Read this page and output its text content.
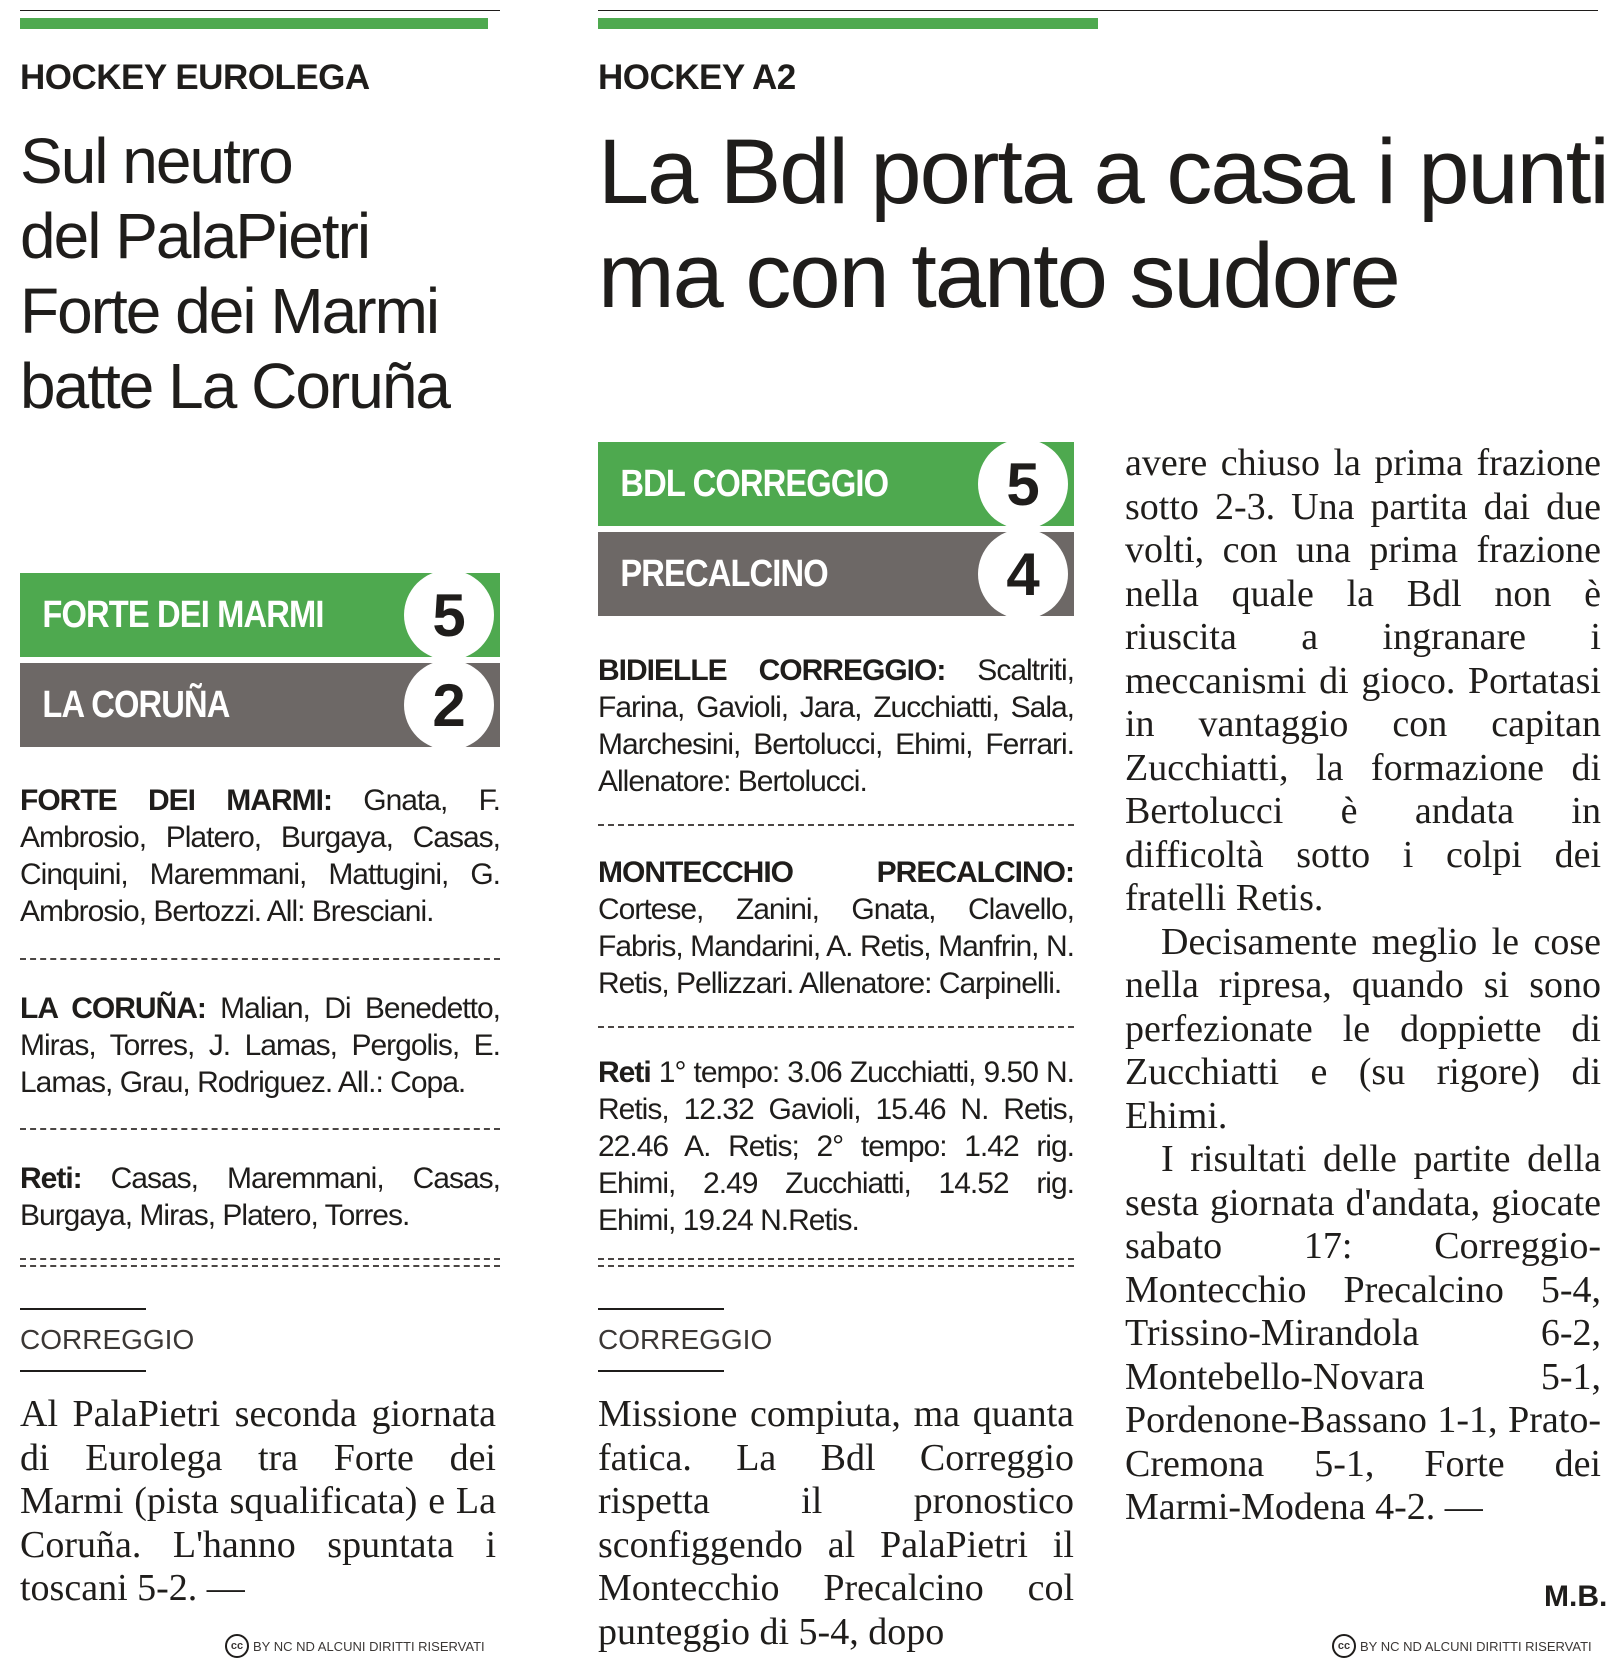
HOCKEY EUROLEGA
Sul neutro
del PalaPietri
Forte dei Marmi
batte La Coruña
FORTE DEI MARMI	5
LA CORUÑA	2
FORTE DEI MARMI: Gnata, F. Ambrosio, Platero, Burgaya, Casas, Cinquini, Maremmani, Mattugini, G. Ambrosio, Bertozzi. All: Bresciani.
LA CORUÑA: Malian, Di Benedetto, Miras, Torres, J. Lamas, Pergolis, E. Lamas, Grau, Rodriguez. All.: Copa.
Reti: Casas, Maremmani, Casas, Burgaya, Miras, Platero, Torres.
CORREGGIO

Al PalaPietri seconda giornata di Eurolega tra Forte dei Marmi (pista squalificata) e La Coruña. L'hanno spuntata i toscani 5-2. —

cc BY NC ND ALCUNI DIRITTI RISERVATI
HOCKEY A2
La Bdl porta a casa i punti
ma con tanto sudore
BDL CORREGGIO	5
PRECALCINO	4
BIDIELLE CORREGGIO: Scaltriti, Farina, Gavioli, Jara, Zucchiatti, Sala, Marchesini, Bertolucci, Ehimi, Ferrari. Allenatore: Bertolucci.
MONTECCHIO PRECALCINO: Cortese, Zanini, Gnata, Clavello, Fabris, Mandarini, A. Retis, Manfrin, N. Retis, Pellizzari. Allenatore: Carpinelli.
Reti 1° tempo: 3.06 Zucchiatti, 9.50 N. Retis, 12.32 Gavioli, 15.46 N. Retis, 22.46 A. Retis; 2° tempo: 1.42 rig. Ehimi, 2.49 Zucchiatti, 14.52 rig. Ehimi, 19.24 N.Retis.
CORREGGIO

Missione compiuta, ma quanta fatica. La Bdl Correggio rispetta il pronostico sconfiggendo al PalaPietri il Montecchio Precalcino col punteggio di 5-4, dopo

avere chiuso la prima frazione sotto 2-3. Una partita dai due volti, con una prima frazione nella quale la Bdl non è riuscita a ingranare i meccanismi di gioco. Portatasi in vantaggio con capitan Zucchiatti, la formazione di Bertolucci è andata in difficoltà sotto i colpi dei fratelli Retis.

Decisamente meglio le cose nella ripresa, quando si sono perfezionate le doppiette di Zucchiatti e (su rigore) di Ehimi.

I risultati delle partite della sesta giornata d'andata, giocate sabato 17: Correggio-Montecchio Precalcino 5-4, Trissino-Mirandola 6-2, Montebello-Novara 5-1, Pordenone-Bassano 1-1, Prato-Cremona 5-1, Forte dei Marmi-Modena 4-2. —

M.B.
cc BY NC ND ALCUNI DIRITTI RISERVATI
